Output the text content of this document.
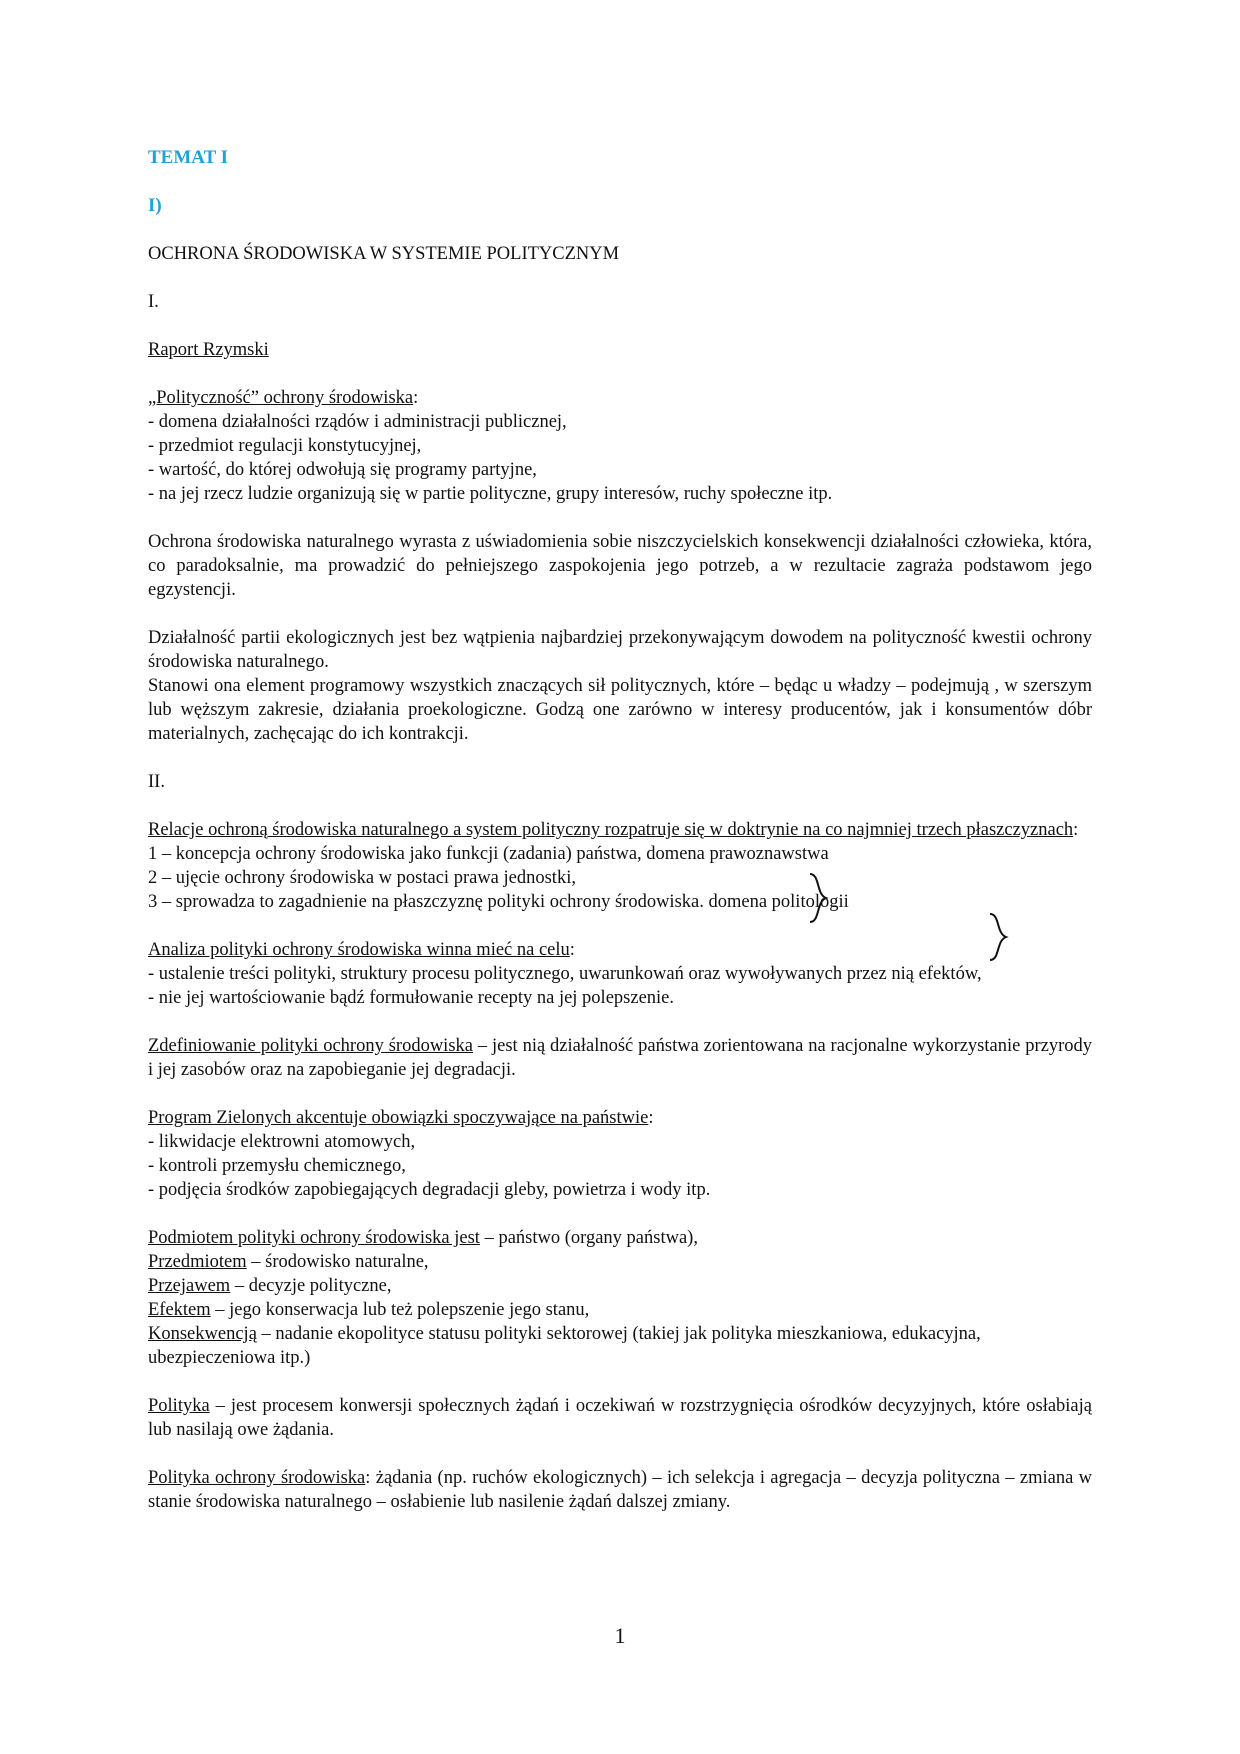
TEMAT I

I)

OCHRONA ŚRODOWISKA W SYSTEMIE POLITYCZNYM

I.

Raport Rzymski

„Polityczność” ochrony środowiska:

- domena działalności rządów i administracji publicznej,

- przedmiot regulacji konstytucyjnej,

- wartość, do której odwołują się programy partyjne,

- na jej rzecz ludzie organizują się w partie polityczne, grupy interesów, ruchy społeczne itp.

Ochrona środowiska naturalnego wyrasta z uświadomienia sobie niszczycielskich konsekwencji działalności człowieka, która, co paradoksalnie, ma prowadzić do pełniejszego zaspokojenia jego potrzeb, a w rezultacie zagraża podstawom jego egzystencji.

Działalność partii ekologicznych jest bez wątpienia najbardziej przekonywającym dowodem na polityczność kwestii ochrony środowiska naturalnego.

Stanowi ona element programowy wszystkich znaczących sił politycznych, które – będąc u władzy – podejmują , w szerszym lub węższym zakresie, działania proekologiczne. Godzą one zarówno w interesy producentów, jak i konsumentów dóbr materialnych, zachęcając do ich kontrakcji.

II.

Relacje ochroną środowiska naturalnego a system polityczny rozpatruje się w doktrynie na co najmniej trzech płaszczyznach:

1 – koncepcja ochrony środowiska jako funkcji (zadania) państwa, domena prawoznawstwa

2 – ujęcie ochrony środowiska w postaci prawa jednostki,

3 – sprowadza to zagadnienie na płaszczyznę polityki ochrony środowiska. domena politologii

Analiza polityki ochrony środowiska winna mieć na celu:

- ustalenie treści polityki, struktury procesu politycznego, uwarunkowań oraz wywoływanych przez nią efektów,

- nie jej wartościowanie bądź formułowanie recepty na jej polepszenie.

Zdefiniowanie polityki ochrony środowiska – jest nią działalność państwa zorientowana na racjonalne wykorzystanie przyrody i jej zasobów oraz na zapobieganie jej degradacji.

Program Zielonych akcentuje obowiązki spoczywające na państwie:

- likwidacje elektrowni atomowych,

- kontroli przemysłu chemicznego,

- podjęcia środków zapobiegających degradacji gleby, powietrza i wody itp.

Podmiotem polityki ochrony środowiska jest – państwo (organy państwa),

Przedmiotem – środowisko naturalne,

Przejawem – decyzje polityczne,

Efektem – jego konserwacja lub też polepszenie jego stanu,

Konsekwencją – nadanie ekopolityce statusu polityki sektorowej (takiej jak polityka mieszkaniowa, edukacyjna, ubezpieczeniowa itp.)

Polityka – jest procesem konwersji społecznych żądań i oczekiwań w rozstrzygnięcia ośrodków decyzyjnych, które osłabiają lub nasilają owe żądania.

Polityka ochrony środowiska: żądania (np. ruchów ekologicznych) – ich selekcja i agregacja – decyzja polityczna – zmiana w stanie środowiska naturalnego – osłabienie lub nasilenie żądań dalszej zmiany.

1
